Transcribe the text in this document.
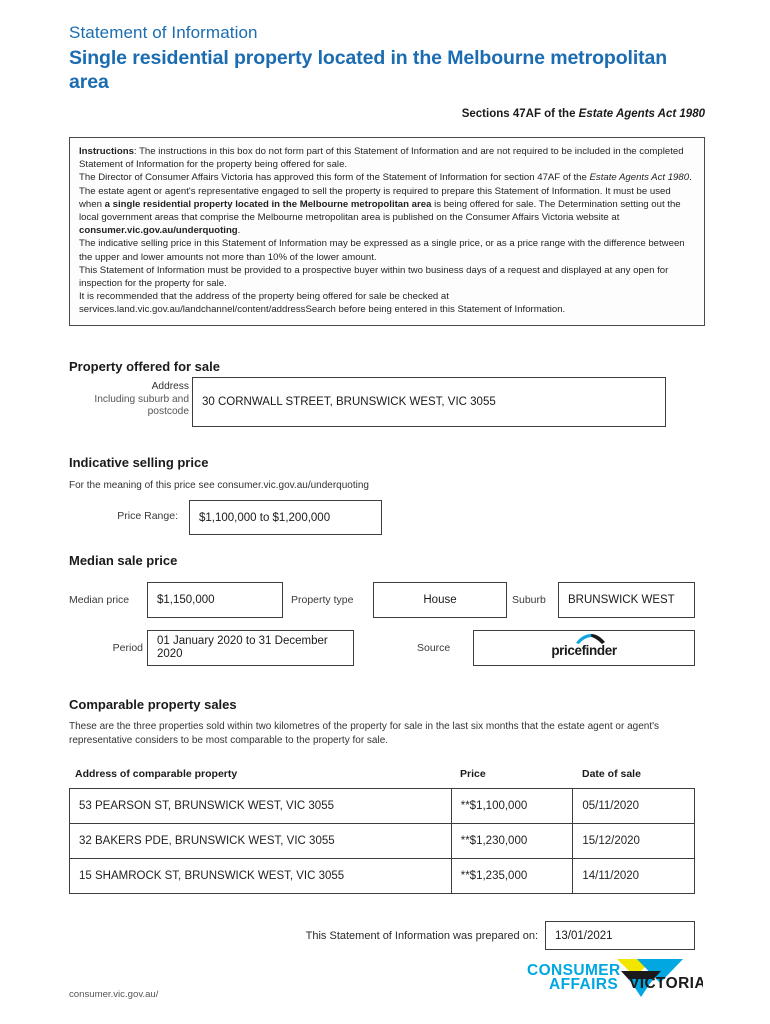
Statement of Information
Single residential property located in the Melbourne metropolitan area
Sections 47AF of the Estate Agents Act 1980

Instructions: The instructions in this box do not form part of this Statement of Information and are not required to be included in the completed Statement of Information for the property being offered for sale.

The Director of Consumer Affairs Victoria has approved this form of the Statement of Information for section 47AF of the Estate Agents Act 1980.

The estate agent or agent's representative engaged to sell the property is required to prepare this Statement of Information. It must be used when a single residential property located in the Melbourne metropolitan area is being offered for sale. The Determination setting out the local government areas that comprise the Melbourne metropolitan area is published on the Consumer Affairs Victoria website at consumer.vic.gov.au/underquoting.

The indicative selling price in this Statement of Information may be expressed as a single price, or as a price range with the difference between the upper and lower amounts not more than 10% of the lower amount.

This Statement of Information must be provided to a prospective buyer within two business days of a request and displayed at any open for inspection for the property for sale.

It is recommended that the address of the property being offered for sale be checked at services.land.vic.gov.au/landchannel/content/addressSearch before being entered in this Statement of Information.

Property offered for sale
Address
Including suburb and
postcode
30 CORNWALL STREET, BRUNSWICK WEST, VIC 3055
Indicative selling price
For the meaning of this price see consumer.vic.gov.au/underquoting
Price Range: $1,100,000 to $1,200,000
Median sale price
Median price	$1,150,000	Property type	House	Suburb	BRUNSWICK WEST
Period
01 January 2020 to 31 December 2020	Source	pricefinder
Comparable property sales
These are the three properties sold within two kilometres of the property for sale in the last six months that the estate agent or agent's representative considers to be most comparable to the property for sale.
Address of comparable property	Price	Date of sale
53 PEARSON ST, BRUNSWICK WEST, VIC 3055	**$1,100,000	05/11/2020
32 BAKERS PDE, BRUNSWICK WEST, VIC 3055	**$1,230,000	15/12/2020
15 SHAMROCK ST, BRUNSWICK WEST, VIC 3055	**$1,235,000	14/11/2020
This Statement of Information was prepared on: 13/01/2021
consumer.vic.gov.au/
CONSUMER
AFFAIRS VICTORIA
